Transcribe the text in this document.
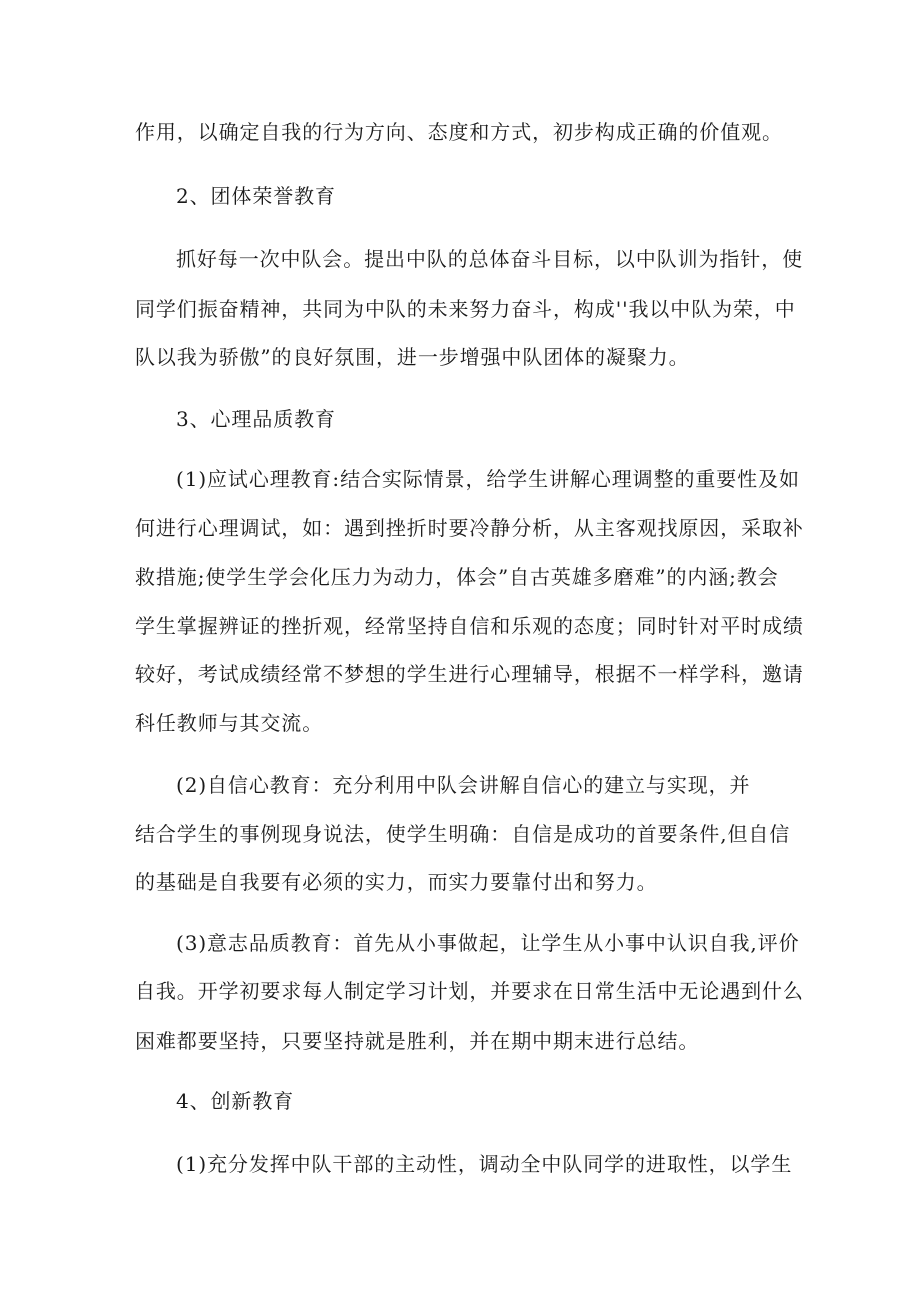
作用，以确定自我的行为方向、态度和方式，初步构成正确的价值观。
2、团体荣誉教育
抓好每一次中队会。提出中队的总体奋斗目标，以中队训为指针，使
同学们振奋精神，共同为中队的未来努力奋斗，构成''我以中队为荣，中
队以我为骄傲”的良好氛围，进一步增强中队团体的凝聚力。
3、心理品质教育
(1)应试心理教育:结合实际情景，给学生讲解心理调整的重要性及如
何进行心理调试，如：遇到挫折时要冷静分析，从主客观找原因，采取补
救措施;使学生学会化压力为动力，体会”自古英雄多磨难”的内涵;教会
学生掌握辨证的挫折观，经常坚持自信和乐观的态度；同时针对平时成绩
较好，考试成绩经常不梦想的学生进行心理辅导，根据不一样学科，邀请
科任教师与其交流。
(2)自信心教育：充分利用中队会讲解自信心的建立与实现，并
结合学生的事例现身说法，使学生明确：自信是成功的首要条件,但自信
的基础是自我要有必须的实力，而实力要靠付出和努力。
(3)意志品质教育：首先从小事做起，让学生从小事中认识自我,评价
自我。开学初要求每人制定学习计划，并要求在日常生活中无论遇到什么
困难都要坚持，只要坚持就是胜利，并在期中期末进行总结。
4、创新教育
(1)充分发挥中队干部的主动性，调动全中队同学的进取性，以学生
